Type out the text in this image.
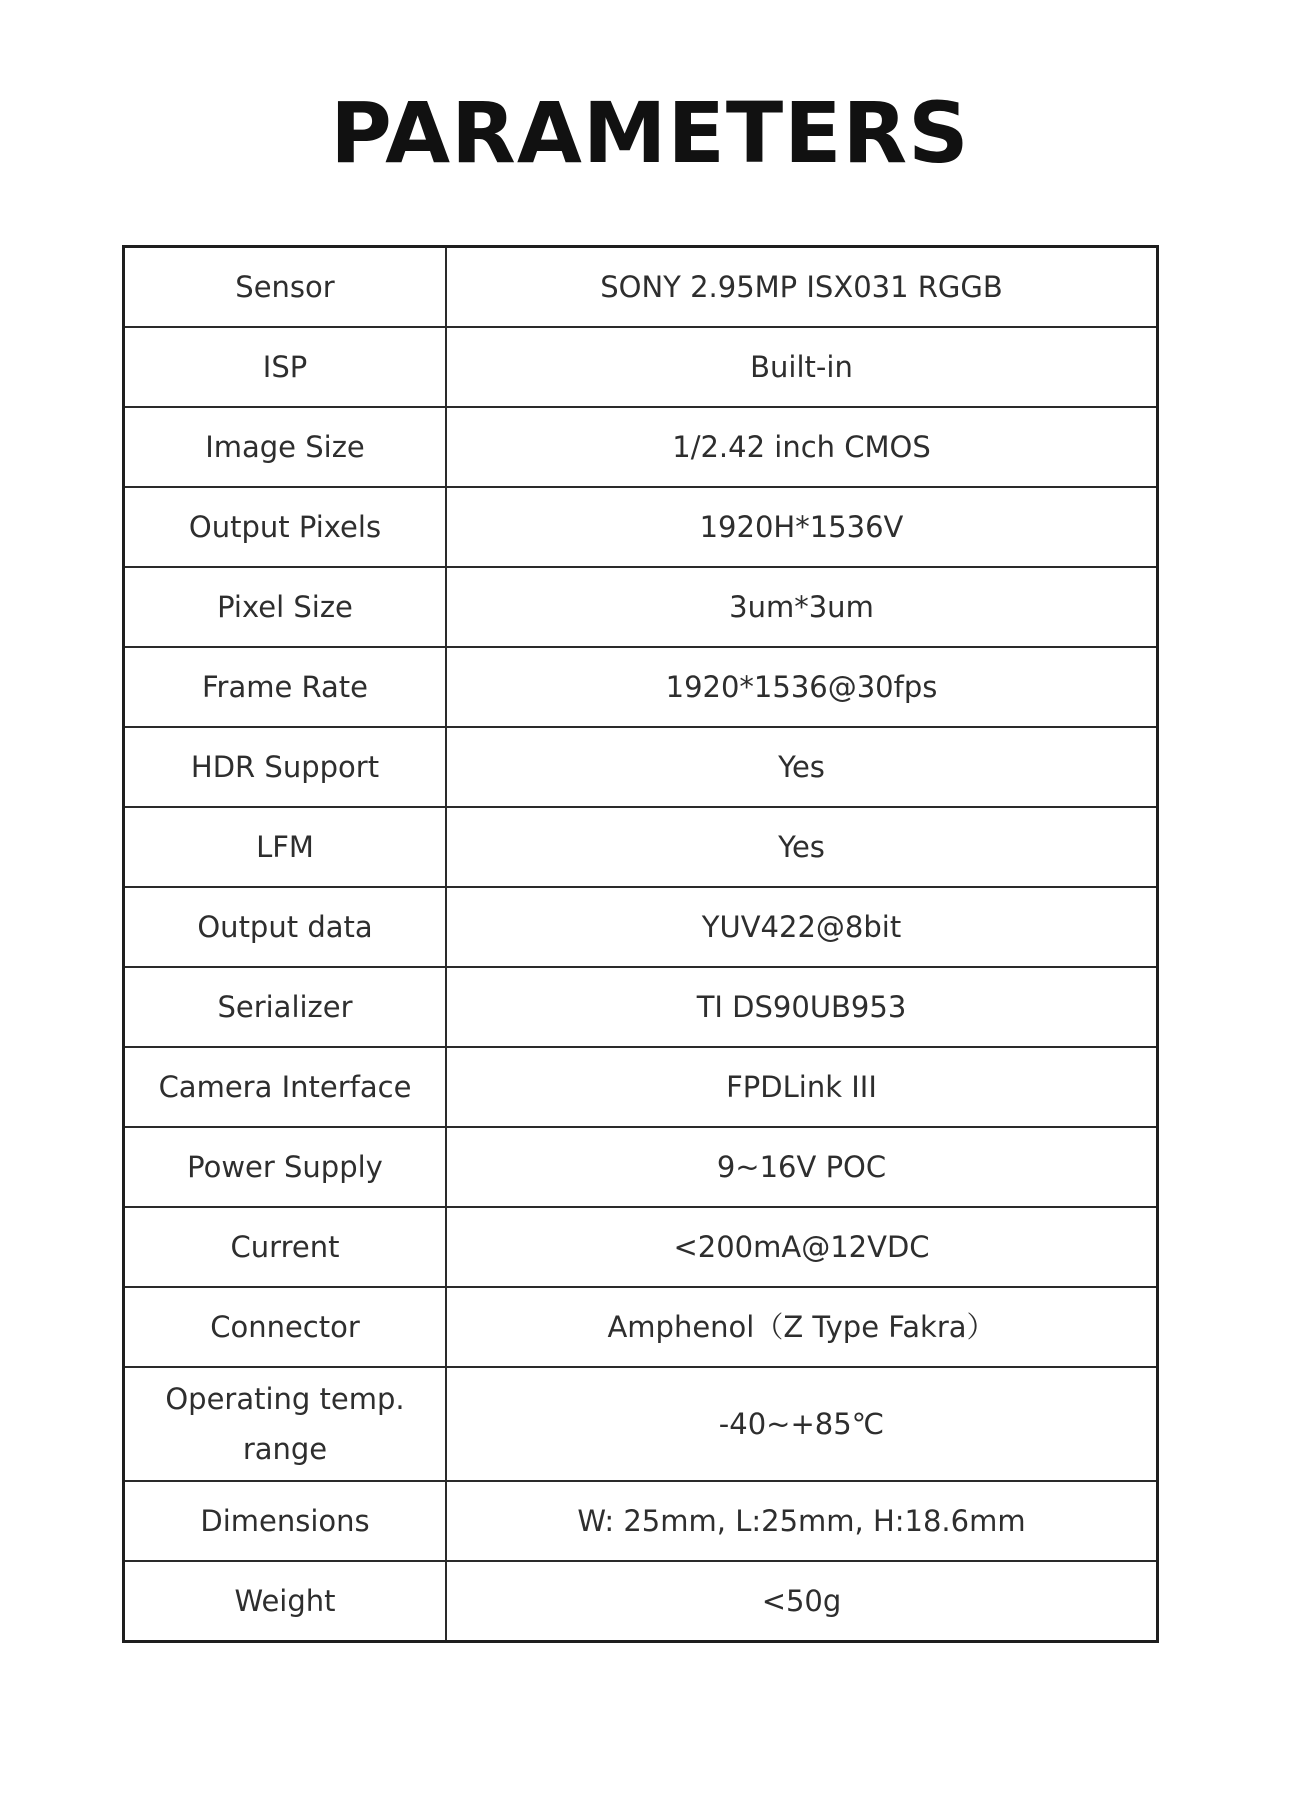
PARAMETERS
Sensor	SONY 2.95MP ISX031 RGGB
ISP	Built-in
Image Size	1/2.42 inch CMOS
Output Pixels	1920H*1536V
Pixel Size	3um*3um
Frame Rate	1920*1536@30fps
HDR Support	Yes
LFM	Yes
Output data	YUV422@8bit
Serializer	TI DS90UB953
Camera Interface	FPDLink III
Power Supply	9~16V POC
Current	<200mA@12VDC
Connector	Amphenol（Z Type Fakra）
Operating temp. range	-40~+85℃
Dimensions	W: 25mm, L:25mm, H:18.6mm
Weight	<50g
